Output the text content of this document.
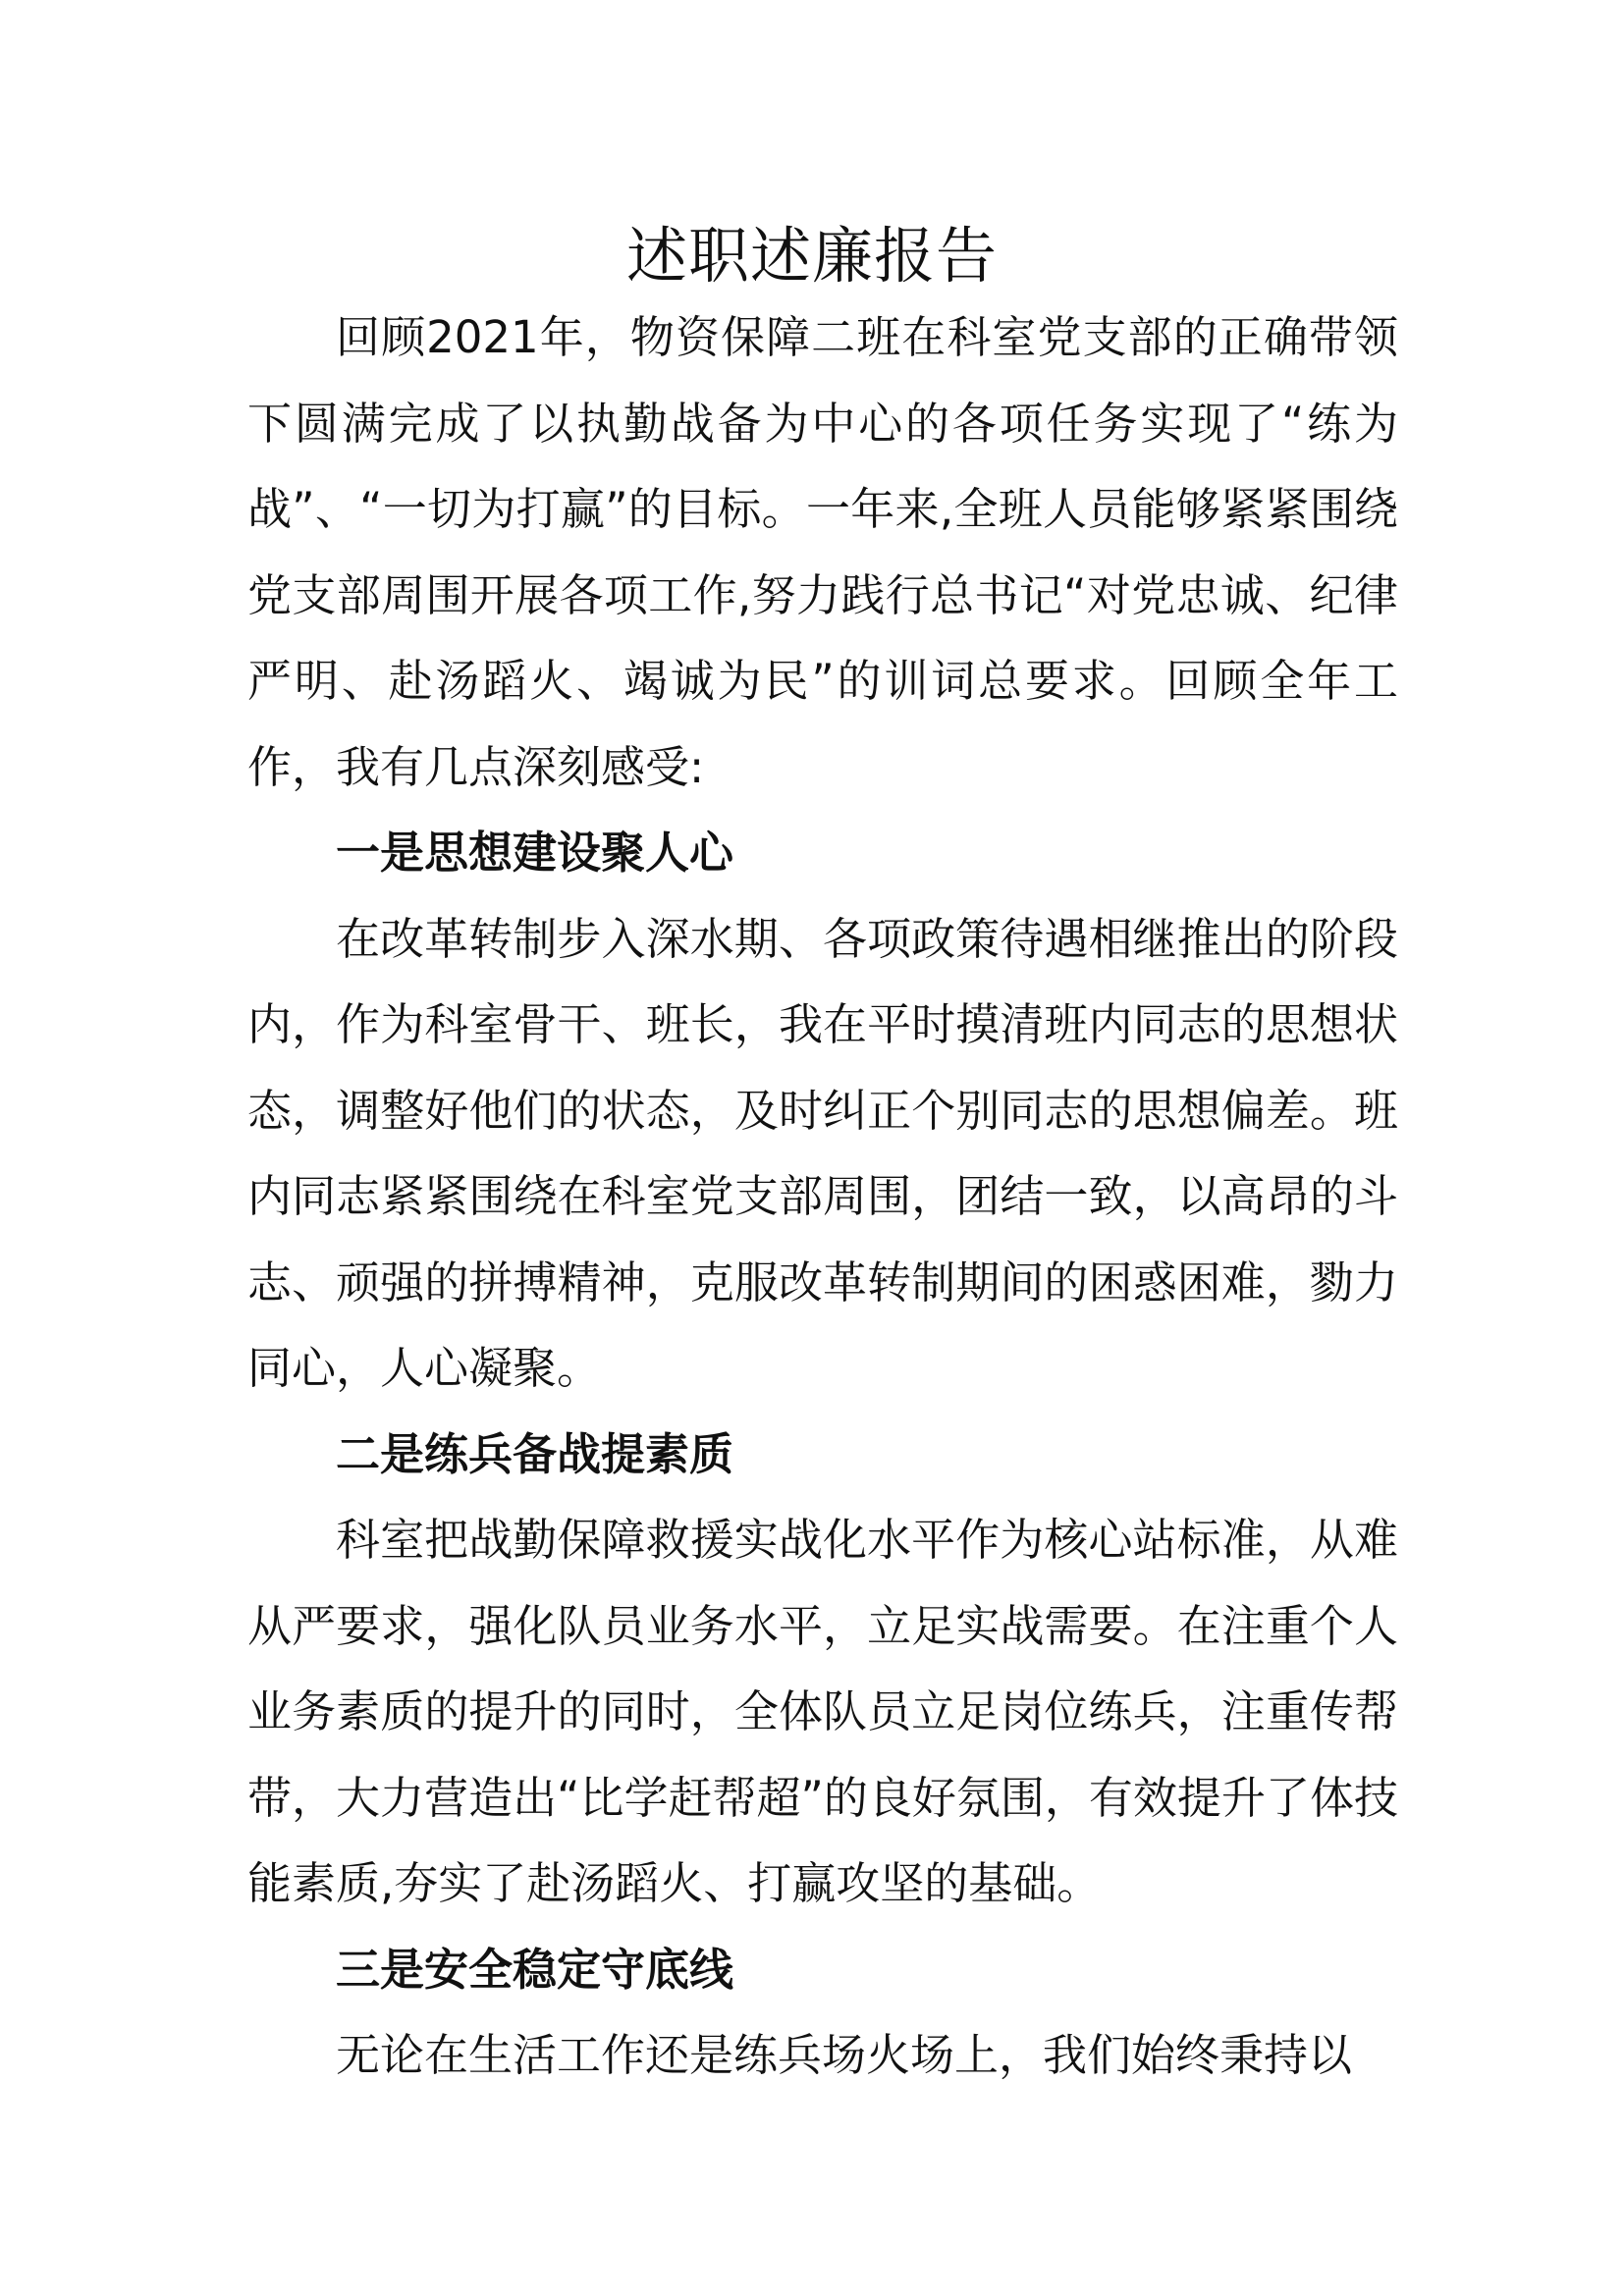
述职述廉报告

回顾2021年，物资保障二班在科室党支部的正确带领下圆满完成了以执勤战备为中心的各项任务实现了“练为战”、“一切为打赢”的目标。一年来,全班人员能够紧紧围绕党支部周围开展各项工作,努力践行总书记“对党忠诚、纪律严明、赴汤蹈火、竭诚为民”的训词总要求。回顾全年工作，我有几点深刻感受:

一是思想建设聚人心

在改革转制步入深水期、各项政策待遇相继推出的阶段内，作为科室骨干、班长，我在平时摸清班内同志的思想状态，调整好他们的状态，及时纠正个别同志的思想偏差。班内同志紧紧围绕在科室党支部周围，团结一致，以高昂的斗志、顽强的拼搏精神，克服改革转制期间的困惑困难，勠力同心，人心凝聚。

二是练兵备战提素质

科室把战勤保障救援实战化水平作为核心站标准，从难从严要求，强化队员业务水平，立足实战需要。在注重个人业务素质的提升的同时，全体队员立足岗位练兵，注重传帮带，大力营造出“比学赶帮超”的良好氛围，有效提升了体技能素质,夯实了赴汤蹈火、打赢攻坚的基础。

三是安全稳定守底线

无论在生活工作还是练兵场火场上，我们始终秉持以
